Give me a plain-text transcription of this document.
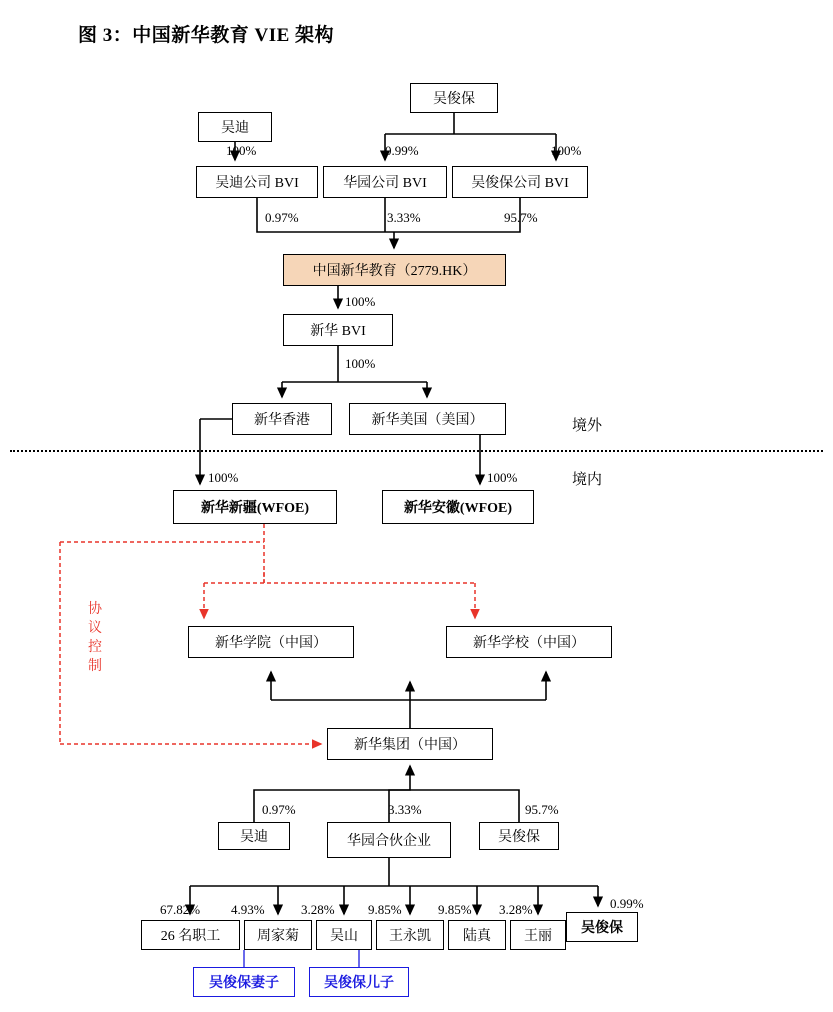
图 3：中国新华教育 VIE 架构
境外
境内
协
议
控
制
吴俊保
吴迪
吴迪公司 BVI	华园公司 BVI	吴俊保公司 BVI
中国新华教育（2779.HK）
新华 BVI
新华香港	新华美国（美国）
新华新疆(WFOE)	新华安徽(WFOE)
新华学院（中国）	新华学校（中国）
新华集团（中国）
吴迪	华园合伙企业	吴俊保
26 名职工	周家菊 吴山 王永凯 陆真 王丽
吴俊保
吴俊保妻子	吴俊保儿子
100%	0.99%	100%
0.97%	3.33%	95.7%
100%
100%
100%	100%
0.97%	3.33%	95.7%
67.82% 4.93%	3.28%	9.85%	9.85% 3.28%	0.99%
